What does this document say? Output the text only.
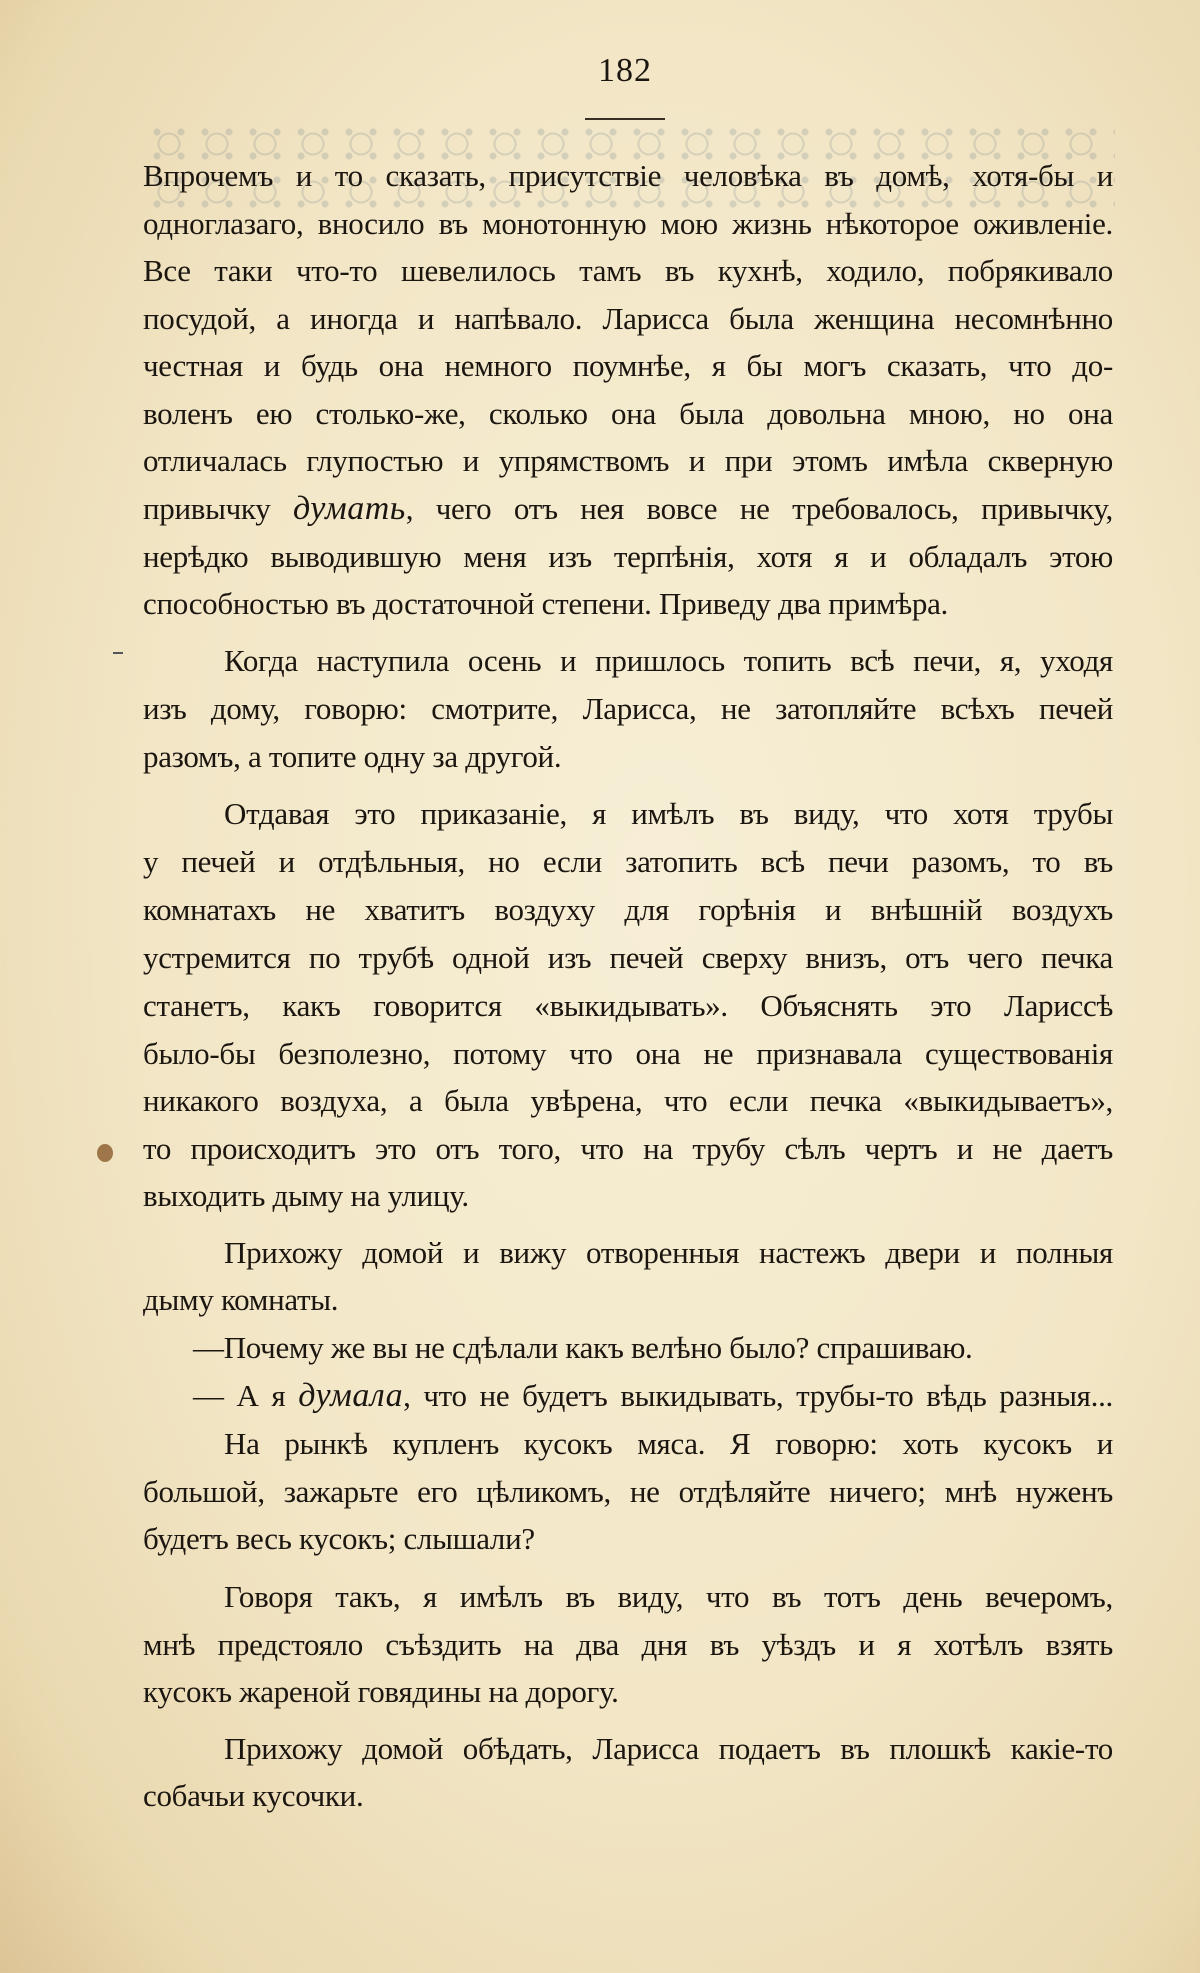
182
Впрочемъ и то сказать, присутствіе человѣка въ домѣ, хотя-бы и
одноглазаго, вносило въ монотонную мою жизнь нѣкоторое оживленіе.
Все таки что-то шевелилось тамъ въ кухнѣ, ходило, побрякивало
посудой, а иногда и напѣвало. Ларисса была женщина несомнѣнно
честная и будь она немного поумнѣе, я бы могъ сказать, что до-
воленъ ею столько-же, сколько она была довольна мною, но она
отличалась глупостью и упрямствомъ и при этомъ имѣла скверную
привычку думать, чего отъ нея вовсе не требовалось, привычку,
нерѣдко выводившую меня изъ терпѣнія, хотя я и обладалъ этою
способностью въ достаточной степени. Приведу два примѣра.
Когда наступила осень и пришлось топить всѣ печи, я, уходя
изъ дому, говорю: смотрите, Ларисса, не затопляйте всѣхъ печей
разомъ, а топите одну за другой.
Отдавая это приказаніе, я имѣлъ въ виду, что хотя трубы
у печей и отдѣльныя, но если затопить всѣ печи разомъ, то въ
комнатахъ не хватитъ воздуху для горѣнія и внѣшній воздухъ
устремится по трубѣ одной изъ печей сверху внизъ, отъ чего печка
станетъ, какъ говорится «выкидывать». Объяснять это Ларисcѣ
было-бы безполезно, потому что она не признавала существованія
никакого воздуха, а была увѣрена, что если печка «выкидываетъ»,
то происходитъ это отъ того, что на трубу сѣлъ чертъ и не даетъ
выходить дыму на улицу.
Прихожу домой и вижу отворенныя настежъ двери и полныя
дыму комнаты.
—Почему же вы не сдѣлали какъ велѣно было? спрашиваю.
— А я думала, что не будетъ выкидывать, трубы-то вѣдь разныя...
На рынкѣ купленъ кусокъ мяса. Я говорю: хоть кусокъ и
большой, зажарьте его цѣликомъ, не отдѣляйте ничего; мнѣ нуженъ
будетъ весь кусокъ; слышали?
Говоря такъ, я имѣлъ въ виду, что въ тотъ день вечеромъ,
мнѣ предстояло съѣздить на два дня въ уѣздъ и я хотѣлъ взять
кусокъ жареной говядины на дорогу.
Прихожу домой обѣдать, Ларисса подаетъ въ плошкѣ какіе-то
собачьи кусочки.
